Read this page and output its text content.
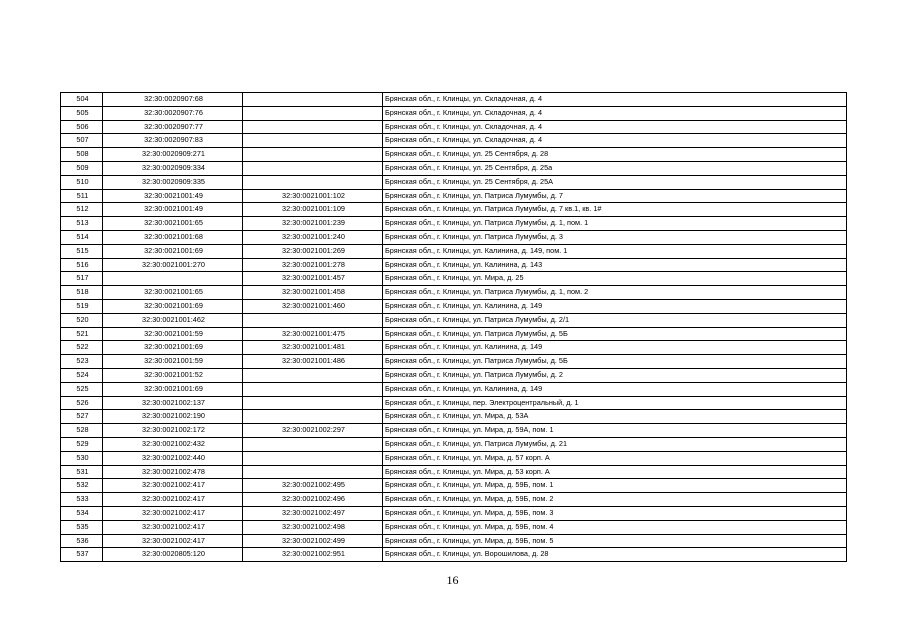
504	32:30:0020907:68		Брянская обл., г. Клинцы, ул. Складочная, д. 4
505	32:30:0020907:76		Брянская обл., г. Клинцы, ул. Складочная, д. 4
506	32:30:0020907:77		Брянская обл., г. Клинцы, ул. Складочная, д. 4
507	32:30:0020907:83		Брянская обл., г. Клинцы, ул. Складочная, д. 4
508	32:30:0020909:271		Брянская обл., г. Клинцы, ул. 25 Сентября, д. 28
509	32:30:0020909:334		Брянская обл., г. Клинцы, ул. 25 Сентября, д. 25а
510	32:30:0020909:335		Брянская обл., г. Клинцы, ул. 25 Сентября, д. 25А
511	32:30:0021001:49	32:30:0021001:102	Брянская обл., г. Клинцы, ул. Патриса Лумумбы, д. 7
512	32:30:0021001:49	32:30:0021001:109	Брянская обл., г. Клинцы, ул. Патриса Лумумбы, д. 7 кв.1, кв. 1#
513	32:30:0021001:65	32:30:0021001:239	Брянская обл., г. Клинцы, ул. Патриса Лумумбы, д. 1, пом. 1
514	32:30:0021001:68	32:30:0021001:240	Брянская обл., г. Клинцы, ул. Патриса Лумумбы, д. 3
515	32:30:0021001:69	32:30:0021001:269	Брянская обл., г. Клинцы, ул. Калинина, д. 149, пом. 1
516	32:30:0021001:270	32:30:0021001:278	Брянская обл., г. Клинцы, ул. Калинина, д. 143
517		32:30:0021001:457	Брянская обл., г. Клинцы, ул. Мира, д. 25
518	32:30:0021001:65	32:30:0021001:458	Брянская обл., г. Клинцы, ул. Патриса Лумумбы, д. 1, пом. 2
519	32:30:0021001:69	32:30:0021001:460	Брянская обл., г. Клинцы, ул. Калинина, д. 149
520	32:30:0021001:462		Брянская обл., г. Клинцы, ул. Патриса Лумумбы, д. 2/1
521	32:30:0021001:59	32:30:0021001:475	Брянская обл., г. Клинцы, ул. Патриса Лумумбы, д. 5Б
522	32:30:0021001:69	32:30:0021001:481	Брянская обл., г. Клинцы, ул. Калинина, д. 149
523	32:30:0021001:59	32:30:0021001:486	Брянская обл., г. Клинцы, ул. Патриса Лумумбы, д. 5Б
524	32:30:0021001:52		Брянская обл., г. Клинцы, ул. Патриса Лумумбы, д. 2
525	32:30:0021001:69		Брянская обл., г. Клинцы, ул. Калинина, д. 149
526	32:30:0021002:137		Брянская обл., г. Клинцы, пер. Электроцентральный, д. 1
527	32:30:0021002:190		Брянская обл., г. Клинцы, ул. Мира, д. 53А
528	32:30:0021002:172	32:30:0021002:297	Брянская обл., г. Клинцы, ул. Мира, д. 59А, пом. 1
529	32:30:0021002:432		Брянская обл., г. Клинцы, ул. Патриса Лумумбы, д. 21
530	32:30:0021002:440		Брянская обл., г. Клинцы, ул. Мира, д. 57 корп. А
531	32:30:0021002:478		Брянская обл., г. Клинцы, ул. Мира, д. 53 корп. А
532	32:30:0021002:417	32:30:0021002:495	Брянская обл., г. Клинцы, ул. Мира, д. 59Б, пом. 1
533	32:30:0021002:417	32:30:0021002:496	Брянская обл., г. Клинцы, ул. Мира, д. 59Б, пом. 2
534	32:30:0021002:417	32:30:0021002:497	Брянская обл., г. Клинцы, ул. Мира, д. 59Б, пом. 3
535	32:30:0021002:417	32:30:0021002:498	Брянская обл., г. Клинцы, ул. Мира, д. 59Б, пом. 4
536	32:30:0021002:417	32:30:0021002:499	Брянская обл., г. Клинцы, ул. Мира, д. 59Б, пом. 5
537	32:30:0020805:120	32:30:0021002:951	Брянская обл., г. Клинцы, ул. Ворошилова, д. 28
16
